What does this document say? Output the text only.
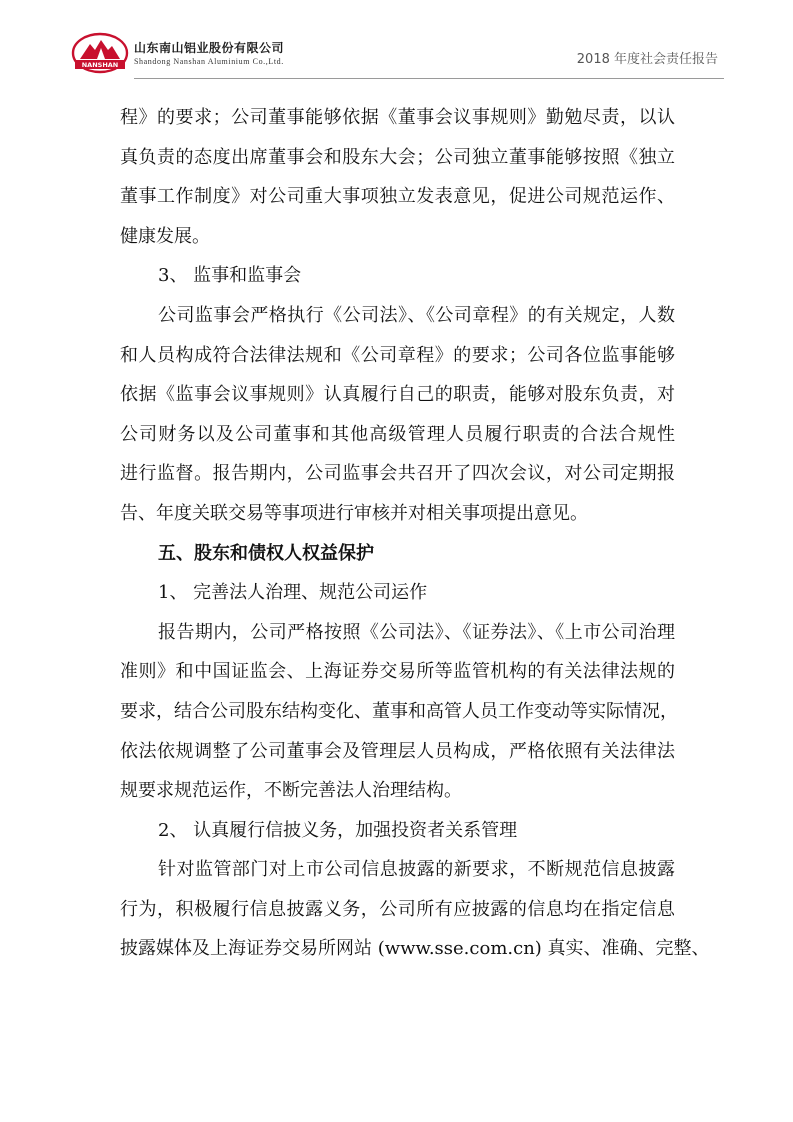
NANSHAN
山东南山铝业股份有限公司
Shandong Nanshan Aluminium Co.,Ltd.	2018 年度社会责任报告
程》的要求；公司董事能够依据《董事会议事规则》勤勉尽责，以认
真负责的态度出席董事会和股东大会；公司独立董事能够按照《独立
董事工作制度》对公司重大事项独立发表意见，促进公司规范运作、
健康发展。
3、 监事和监事会
公司监事会严格执行《公司法》、《公司章程》的有关规定，人数
和人员构成符合法律法规和《公司章程》的要求；公司各位监事能够
依据《监事会议事规则》认真履行自己的职责，能够对股东负责，对
公司财务以及公司董事和其他高级管理人员履行职责的合法合规性
进行监督。报告期内，公司监事会共召开了四次会议，对公司定期报
告、年度关联交易等事项进行审核并对相关事项提出意见。
五、股东和债权人权益保护
1、 完善法人治理、规范公司运作
报告期内，公司严格按照《公司法》、《证券法》、《上市公司治理
准则》和中国证监会、上海证券交易所等监管机构的有关法律法规的
要求，结合公司股东结构变化、董事和高管人员工作变动等实际情况，
依法依规调整了公司董事会及管理层人员构成，严格依照有关法律法
规要求规范运作，不断完善法人治理结构。
2、 认真履行信披义务，加强投资者关系管理
针对监管部门对上市公司信息披露的新要求，不断规范信息披露
行为，积极履行信息披露义务，公司所有应披露的信息均在指定信息
披露媒体及上海证券交易所网站 (www.sse.com.cn) 真实、准确、完整、
